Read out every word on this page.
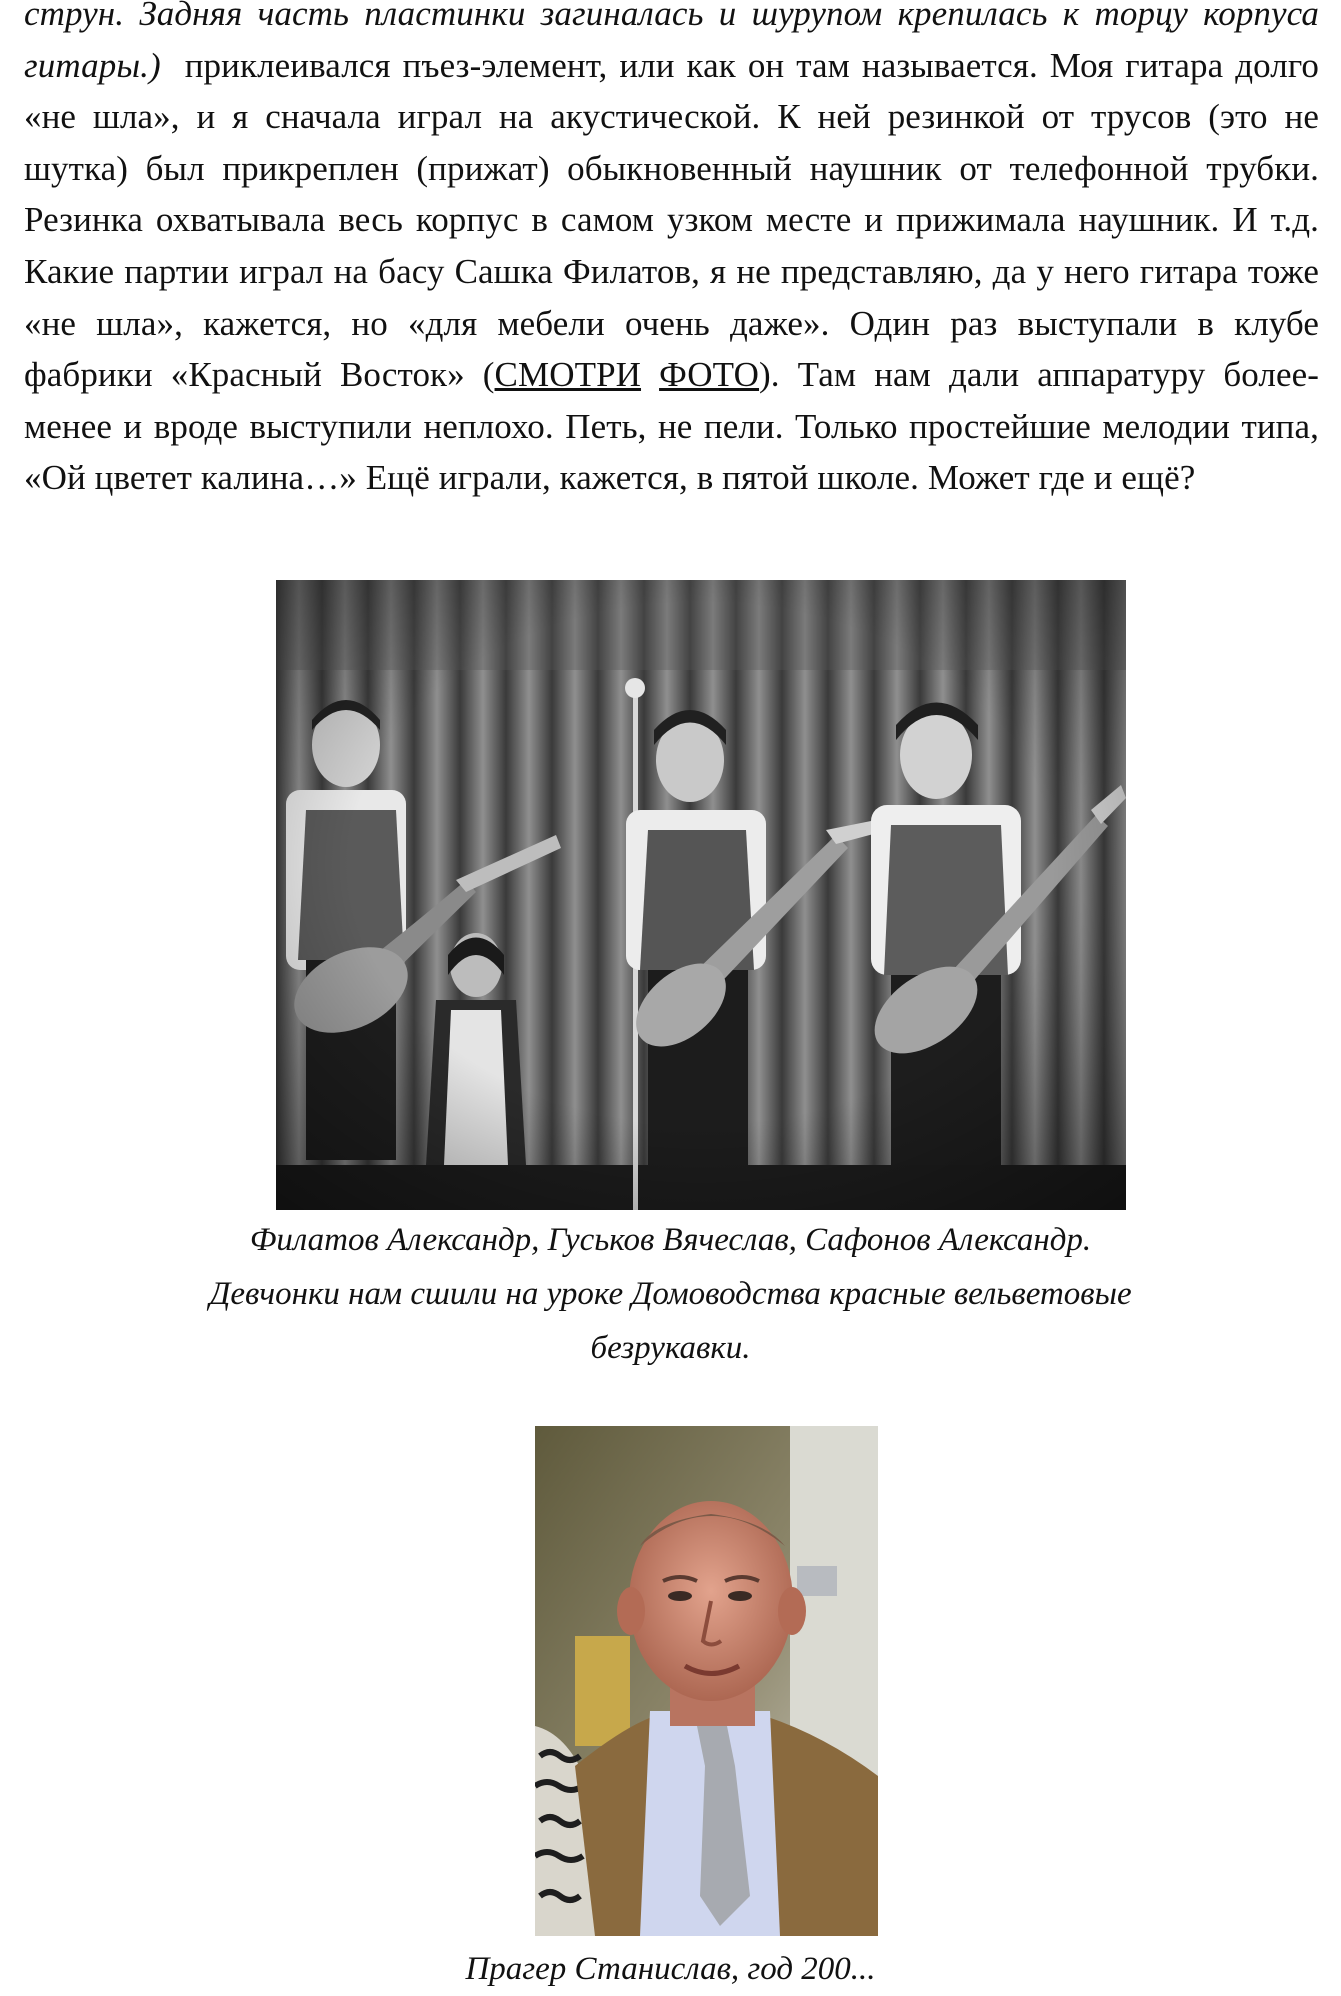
струн. Задняя часть пластинки загиналась и шурупом крепилась к торцу корпуса гитары.) приклеивался пъез-элемент, или как он там называется. Моя гитара долго «не шла», и я сначала играл на акустической. К ней резинкой от трусов (это не шутка) был прикреплен (прижат) обыкновенный наушник от телефонной трубки. Резинка охватывала весь корпус в самом узком месте и прижимала наушник. И т.д. Какие партии играл на басу Сашка Филатов, я не представляю, да у него гитара тоже «не шла», кажется, но «для мебели очень даже». Один раз выступали в клубе фабрики «Красный Восток» (СМОТРИ ФОТО). Там нам дали аппаратуру более-менее и вроде выступили неплохо. Петь, не пели. Только простейшие мелодии типа, «Ой цветет калина…» Ещё играли, кажется, в пятой школе. Может где и ещё?
Филатов Александр, Гуськов Вячеслав, Сафонов Александр.
Девчонки нам сшили на уроке Домоводства красные вельветовые
безрукавки.
Прагер Станислав, год 200...
